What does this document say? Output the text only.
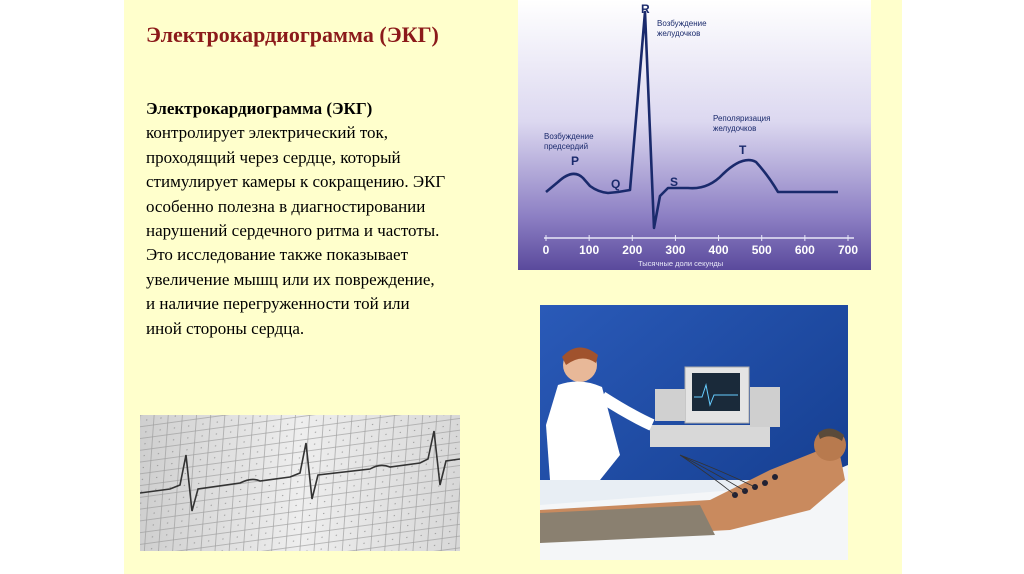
Электрокардиограмма (ЭКГ)
Электрокардиограмма (ЭКГ) контролирует электрический ток, проходящий через сердце, который стимулирует камеры к сокращению. ЭКГ особенно полезна в диагностировании нарушений сердечного ритма и частоты. Это исследование также показывает увеличение мышц или их повреждение, и наличие перегруженности той или иной стороны сердца.
P
Q
R
S
T
Возбуждение
предсердий
Возбуждение
желудочков
Реполяризация
желудочков
0 100 200 300 400 500 600 700
Тысячные доли секунды
